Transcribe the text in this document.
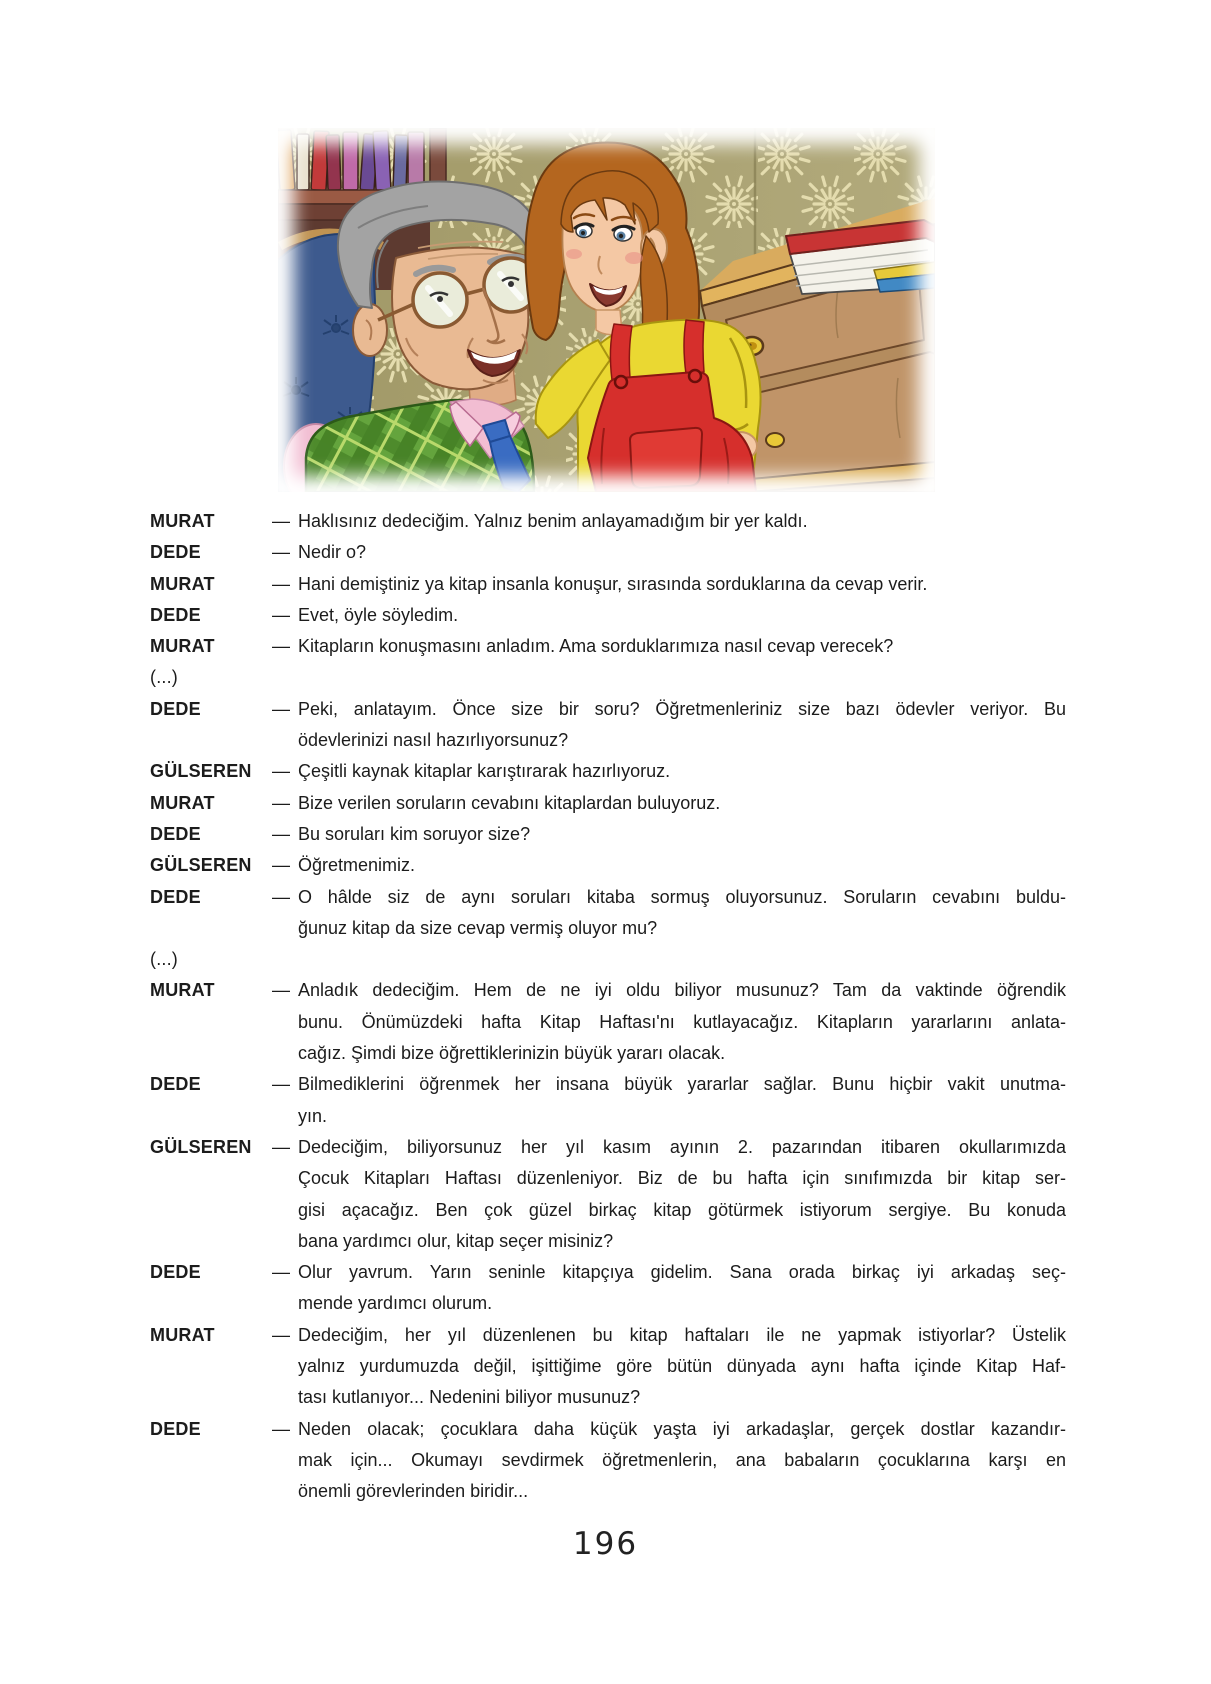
MURAT	— Haklısınız dedeciğim. Yalnız benim anlayamadığım bir yer kaldı.
DEDE	— Nedir o?
MURAT	— Hani demiştiniz ya kitap insanla konuşur, sırasında sorduklarına da cevap verir.
DEDE	— Evet, öyle söyledim.
MURAT	— Kitapların konuşmasını anladım. Ama sorduklarımıza nasıl cevap verecek?
(...)
DEDE	— Peki, anlatayım. Önce size bir soru? Öğretmenleriniz size bazı ödevler veriyor. Bu
ödevlerinizi nasıl hazırlıyorsunuz?
GÜLSEREN	— Çeşitli kaynak kitaplar karıştırarak hazırlıyoruz.
MURAT	— Bize verilen soruların cevabını kitaplardan buluyoruz.
DEDE	— Bu soruları kim soruyor size?
GÜLSEREN	— Öğretmenimiz.
DEDE	— O hâlde siz de aynı soruları kitaba sormuş oluyorsunuz. Soruların cevabını buldu-
ğunuz kitap da size cevap vermiş oluyor mu?
(...)
MURAT	— Anladık dedeciğim. Hem de ne iyi oldu biliyor musunuz? Tam da vaktinde öğrendik
bunu. Önümüzdeki hafta Kitap Haftası'nı kutlayacağız. Kitapların yararlarını anlata-
cağız. Şimdi bize öğrettiklerinizin büyük yararı olacak.
DEDE	— Bilmediklerini öğrenmek her insana büyük yararlar sağlar. Bunu hiçbir vakit unutma-
yın.
GÜLSEREN	— Dedeciğim, biliyorsunuz her yıl kasım ayının 2. pazarından itibaren okullarımızda
Çocuk Kitapları Haftası düzenleniyor. Biz de bu hafta için sınıfımızda bir kitap ser-
gisi açacağız. Ben çok güzel birkaç kitap götürmek istiyorum sergiye. Bu konuda
bana yardımcı olur, kitap seçer misiniz?
DEDE	— Olur yavrum. Yarın seninle kitapçıya gidelim. Sana orada birkaç iyi arkadaş seç-
mende yardımcı olurum.
MURAT	— Dedeciğim, her yıl düzenlenen bu kitap haftaları ile ne yapmak istiyorlar? Üstelik
yalnız yurdumuzda değil, işittiğime göre bütün dünyada aynı hafta içinde Kitap Haf-
tası kutlanıyor... Nedenini biliyor musunuz?
DEDE	— Neden olacak; çocuklara daha küçük yaşta iyi arkadaşlar, gerçek dostlar kazandır-
mak için... Okumayı sevdirmek öğretmenlerin, ana babaların çocuklarına karşı en
önemli görevlerinden biridir...
196
